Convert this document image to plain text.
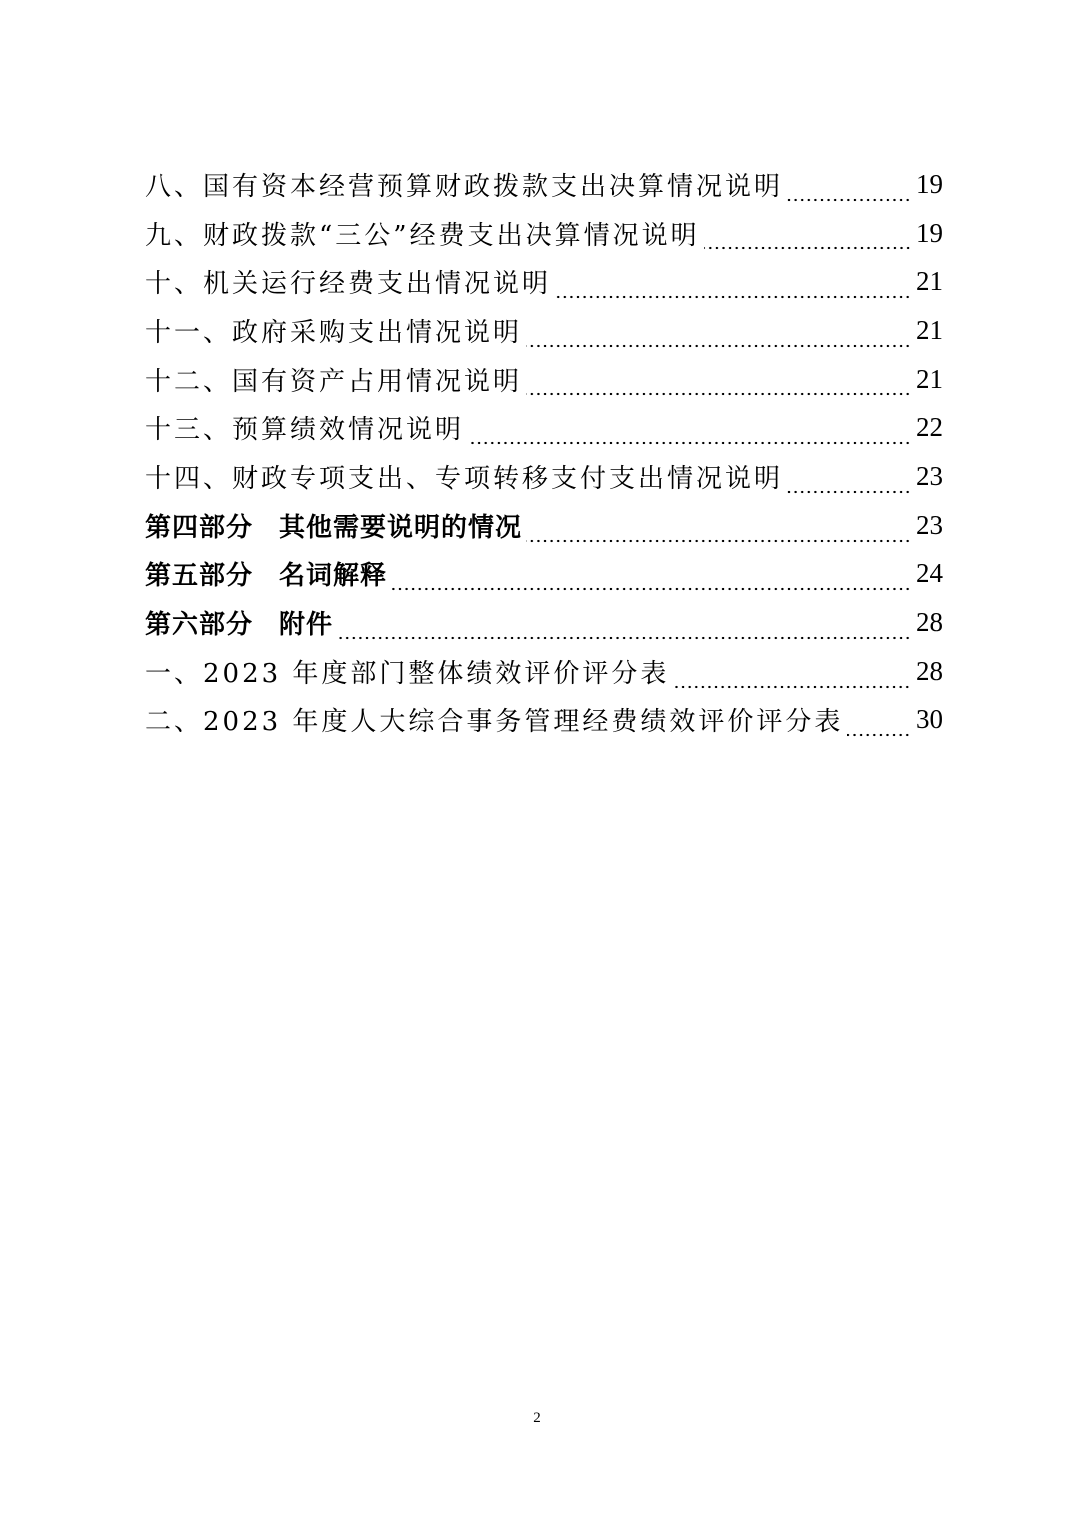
八、国有资本经营预算财政拨款支出决算情况说明	19
九、财政拨款“三公”经费支出决算情况说明	19
十、机关运行经费支出情况说明	21
十一、政府采购支出情况说明	21
十二、国有资产占用情况说明	21
十三、预算绩效情况说明	22
十四、财政专项支出、专项转移支付支出情况说明	23
第四部分 其他需要说明的情况	23
第五部分 名词解释	24
第六部分 附件	28
一、2023 年度部门整体绩效评价评分表	28
二、2023 年度人大综合事务管理经费绩效评价评分表	30
2
